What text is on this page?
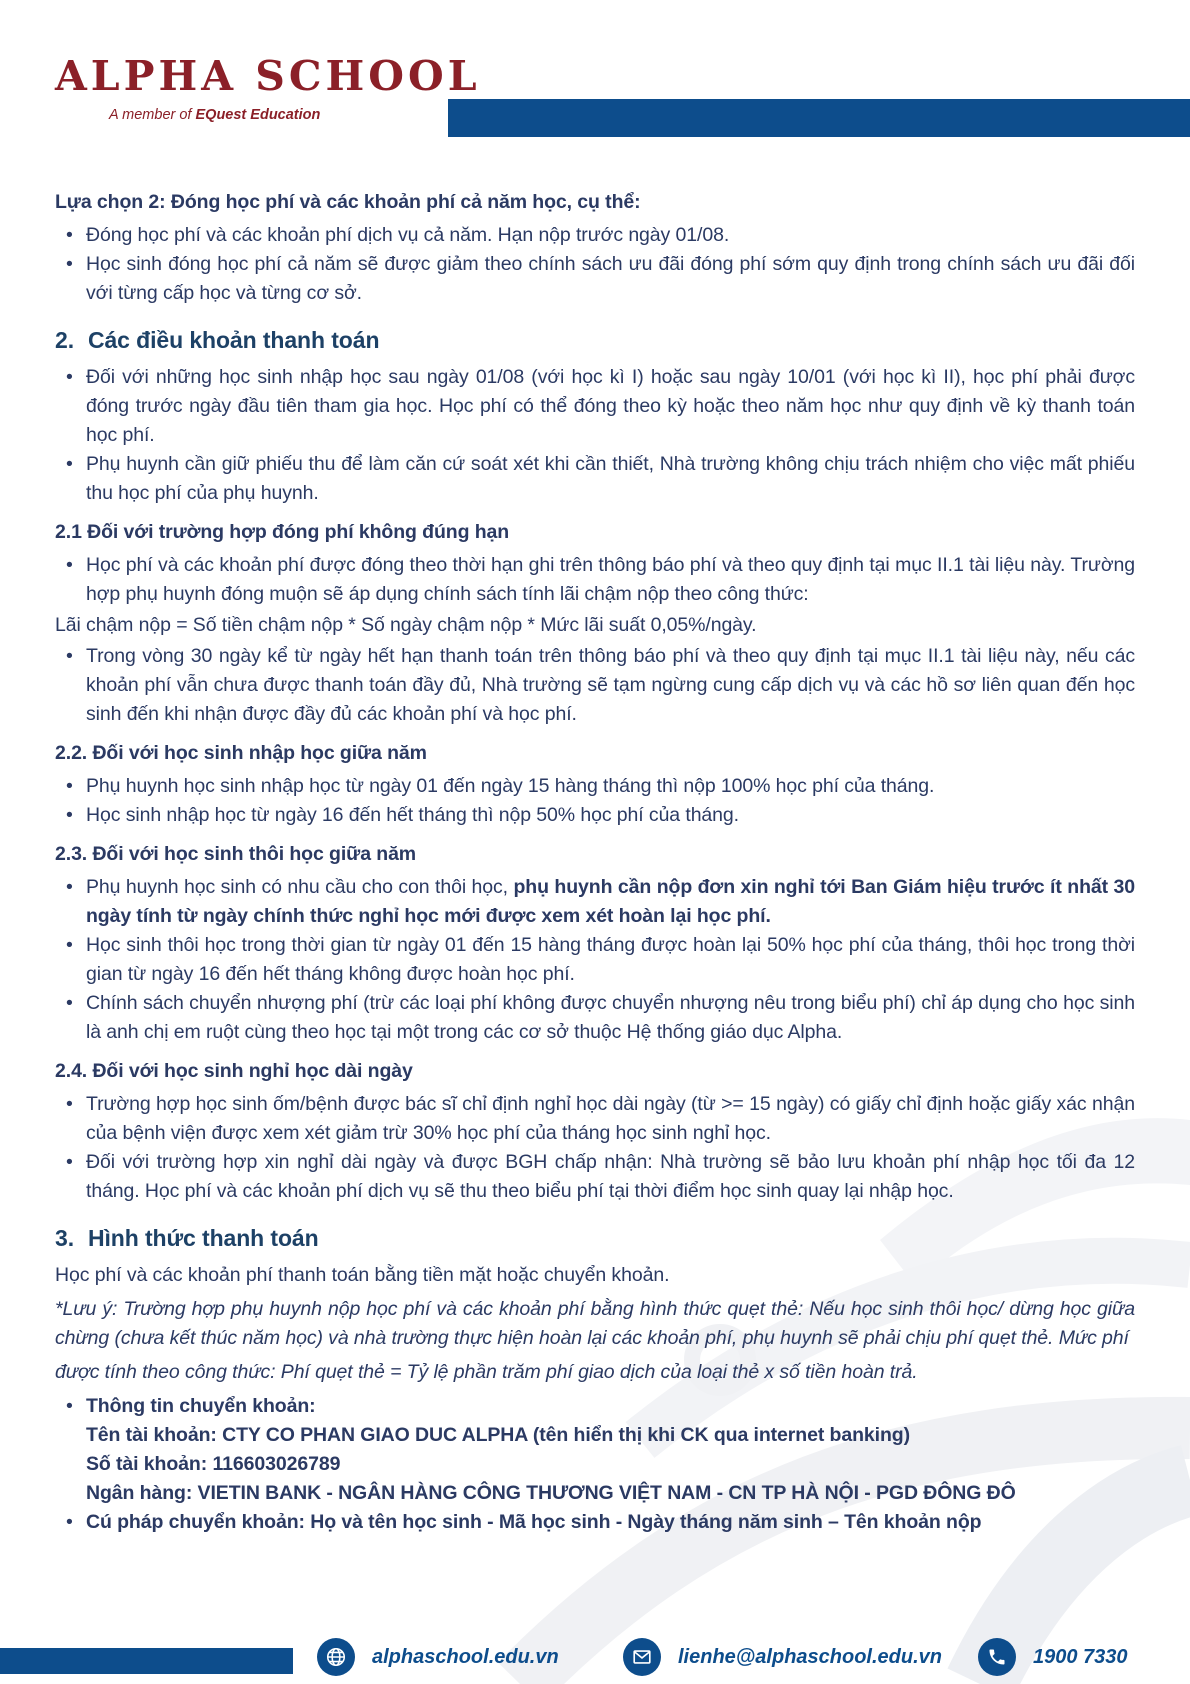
ALPHA SCHOOL
A member of EQuest Education
Lựa chọn 2: Đóng học phí và các khoản phí cả năm học, cụ thể:
• Đóng học phí và các khoản phí dịch vụ cả năm. Hạn nộp trước ngày 01/08.
• Học sinh đóng học phí cả năm sẽ được giảm theo chính sách ưu đãi đóng phí sớm quy định trong chính sách ưu đãi đối với từng cấp học và từng cơ sở.
2. Các điều khoản thanh toán
• Đối với những học sinh nhập học sau ngày 01/08 (với học kì I) hoặc sau ngày 10/01 (với học kì II), học phí phải được đóng trước ngày đầu tiên tham gia học. Học phí có thể đóng theo kỳ hoặc theo năm học như quy định về kỳ thanh toán học phí.
• Phụ huynh cần giữ phiếu thu để làm căn cứ soát xét khi cần thiết, Nhà trường không chịu trách nhiệm cho việc mất phiếu thu học phí của phụ huynh.
2.1 Đối với trường hợp đóng phí không đúng hạn
• Học phí và các khoản phí được đóng theo thời hạn ghi trên thông báo phí và theo quy định tại mục II.1 tài liệu này. Trường hợp phụ huynh đóng muộn sẽ áp dụng chính sách tính lãi chậm nộp theo công thức:
Lãi chậm nộp = Số tiền chậm nộp * Số ngày chậm nộp * Mức lãi suất 0,05%/ngày.
• Trong vòng 30 ngày kể từ ngày hết hạn thanh toán trên thông báo phí và theo quy định tại mục II.1 tài liệu này, nếu các khoản phí vẫn chưa được thanh toán đầy đủ, Nhà trường sẽ tạm ngừng cung cấp dịch vụ và các hồ sơ liên quan đến học sinh đến khi nhận được đầy đủ các khoản phí và học phí.
2.2. Đối với học sinh nhập học giữa năm
• Phụ huynh học sinh nhập học từ ngày 01 đến ngày 15 hàng tháng thì nộp 100% học phí của tháng.
• Học sinh nhập học từ ngày 16 đến hết tháng thì nộp 50% học phí của tháng.
2.3. Đối với học sinh thôi học giữa năm
• Phụ huynh học sinh có nhu cầu cho con thôi học, phụ huynh cần nộp đơn xin nghỉ tới Ban Giám hiệu trước ít nhất 30 ngày tính từ ngày chính thức nghỉ học mới được xem xét hoàn lại học phí.
• Học sinh thôi học trong thời gian từ ngày 01 đến 15 hàng tháng được hoàn lại 50% học phí của tháng, thôi học trong thời gian từ ngày 16 đến hết tháng không được hoàn học phí.
• Chính sách chuyển nhượng phí (trừ các loại phí không được chuyển nhượng nêu trong biểu phí) chỉ áp dụng cho học sinh là anh chị em ruột cùng theo học tại một trong các cơ sở thuộc Hệ thống giáo dục Alpha.
2.4. Đối với học sinh nghỉ học dài ngày
• Trường hợp học sinh ốm/bệnh được bác sĩ chỉ định nghỉ học dài ngày (từ >= 15 ngày) có giấy chỉ định hoặc giấy xác nhận của bệnh viện được xem xét giảm trừ 30% học phí của tháng học sinh nghỉ học.
• Đối với trường hợp xin nghỉ dài ngày và được BGH chấp nhận: Nhà trường sẽ bảo lưu khoản phí nhập học tối đa 12 tháng. Học phí và các khoản phí dịch vụ sẽ thu theo biểu phí tại thời điểm học sinh quay lại nhập học.
3. Hình thức thanh toán
Học phí và các khoản phí thanh toán bằng tiền mặt hoặc chuyển khoản.
*Lưu ý: Trường hợp phụ huynh nộp học phí và các khoản phí bằng hình thức quẹt thẻ: Nếu học sinh thôi học/ dừng học giữa chừng (chưa kết thúc năm học) và nhà trường thực hiện hoàn lại các khoản phí, phụ huynh sẽ phải chịu phí quẹt thẻ. Mức phí
được tính theo công thức: Phí quẹt thẻ = Tỷ lệ phần trăm phí giao dịch của loại thẻ x số tiền hoàn trả.
• Thông tin chuyển khoản:
Tên tài khoản: CTY CO PHAN GIAO DUC ALPHA (tên hiển thị khi CK qua internet banking)
Số tài khoản: 116603026789
Ngân hàng: VIETIN BANK - NGÂN HÀNG CÔNG THƯƠNG VIỆT NAM - CN TP HÀ NỘI - PGD ĐÔNG ĐÔ
• Cú pháp chuyển khoản: Họ và tên học sinh - Mã học sinh - Ngày tháng năm sinh – Tên khoản nộp
alphaschool.edu.vn	lienhe@alphaschool.edu.vn	1900 7330
